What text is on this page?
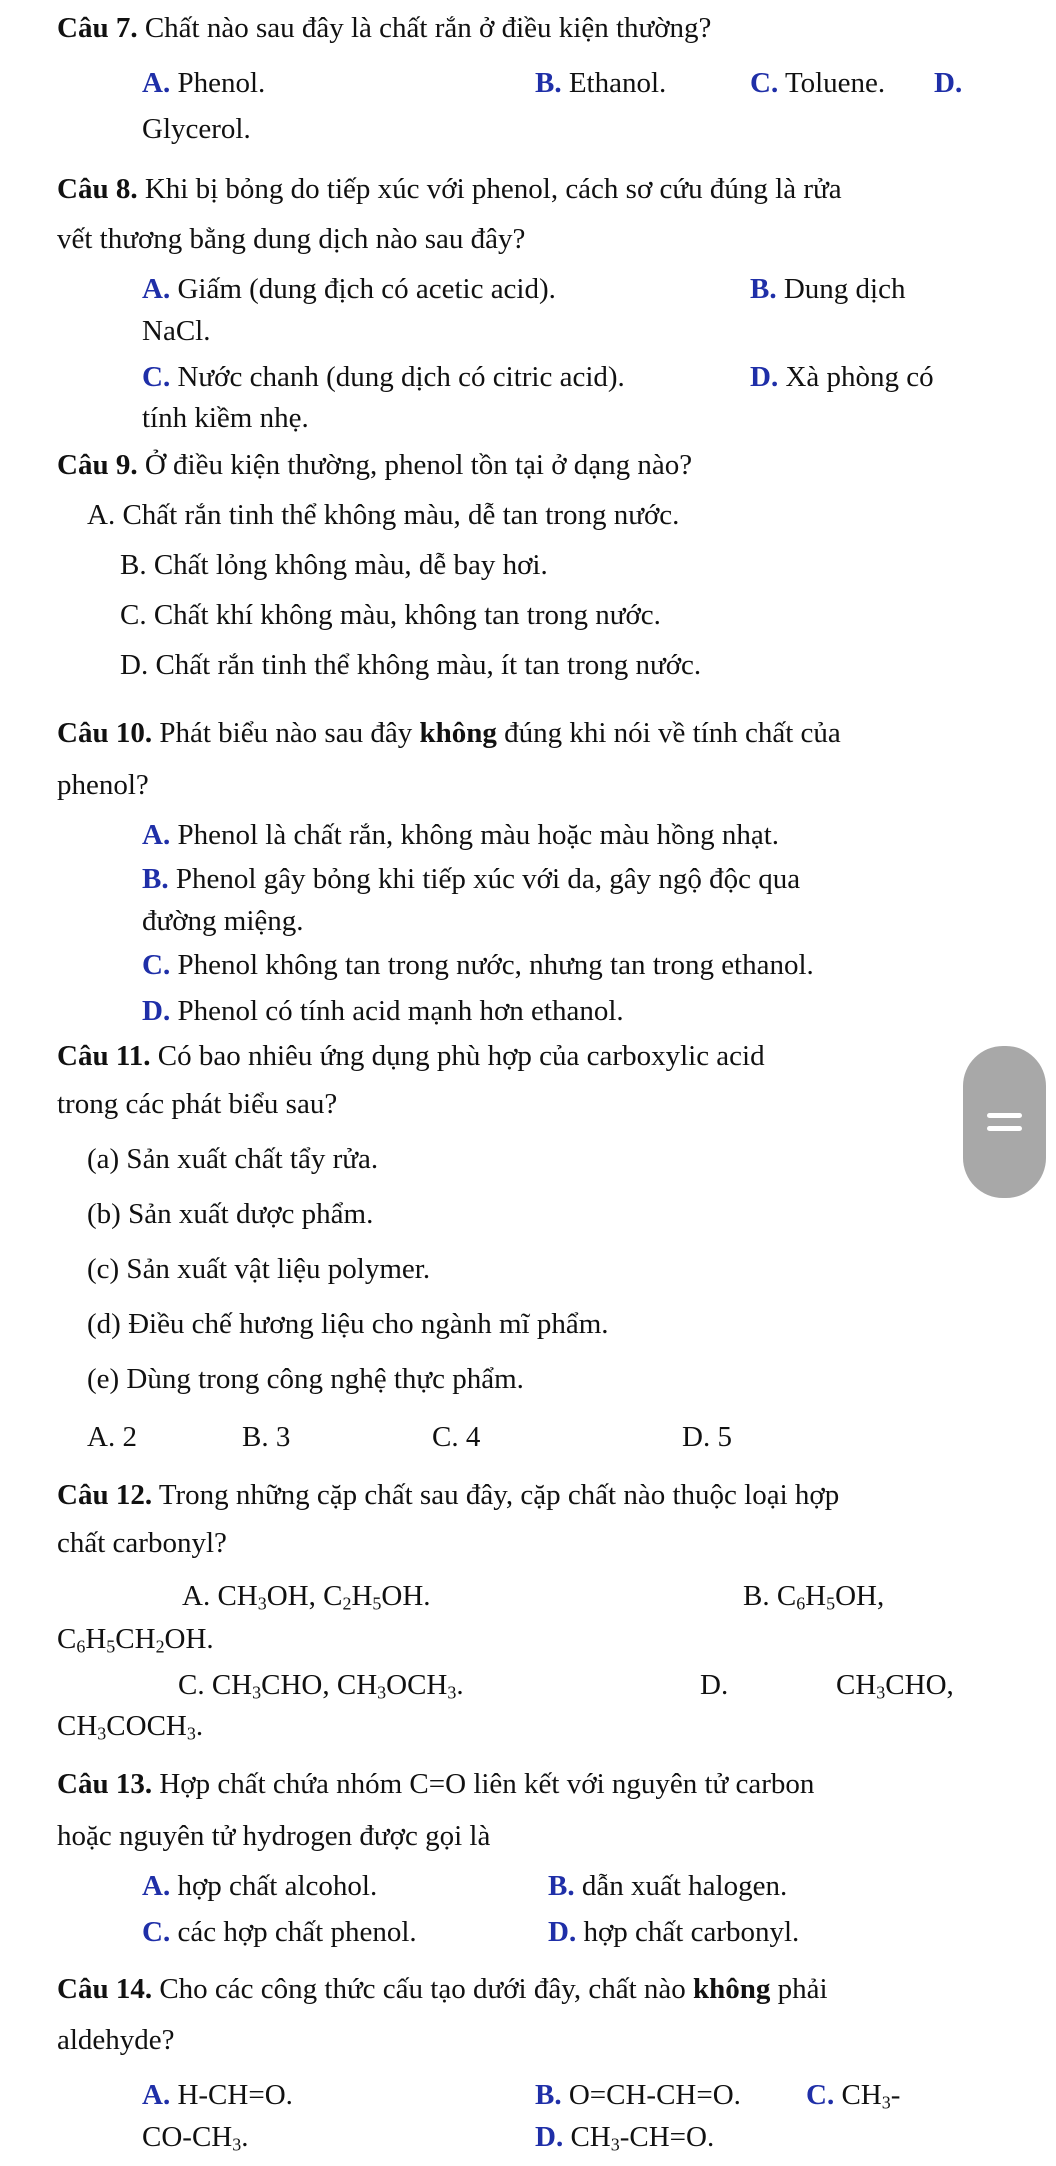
Câu 7. Chất nào sau đây là chất rắn ở điều kiện thường?
A. Phenol.	B. Ethanol.	C. Toluene. D.
Glycerol.
Câu 8. Khi bị bỏng do tiếp xúc với phenol, cách sơ cứu đúng là rửa
vết thương bằng dung dịch nào sau đây?
A. Giấm (dung địch có acetic acid).	B. Dung dịch
NaCl.
C. Nước chanh (dung dịch có citric acid).	D. Xà phòng có
tính kiềm nhẹ.
Câu 9. Ở điều kiện thường, phenol tồn tại ở dạng nào?
A. Chất rắn tinh thể không màu, dễ tan trong nước.
B. Chất lỏng không màu, dễ bay hơi.
C. Chất khí không màu, không tan trong nước.
D. Chất rắn tinh thể không màu, ít tan trong nước.
Câu 10. Phát biểu nào sau đây không đúng khi nói về tính chất của
phenol?
A. Phenol là chất rắn, không màu hoặc màu hồng nhạt.
B. Phenol gây bỏng khi tiếp xúc với da, gây ngộ độc qua
đường miệng.
C. Phenol không tan trong nước, nhưng tan trong ethanol.
D. Phenol có tính acid mạnh hơn ethanol.
Câu 11. Có bao nhiêu ứng dụng phù hợp của carboxylic acid
trong các phát biểu sau?
(a) Sản xuất chất tẩy rửa.
(b) Sản xuất dược phẩm.
(c) Sản xuất vật liệu polymer.
(d) Điều chế hương liệu cho ngành mĩ phẩm.
(e) Dùng trong công nghệ thực phẩm.
A. 2	B. 3	C. 4	D. 5
Câu 12. Trong những cặp chất sau đây, cặp chất nào thuộc loại hợp
chất carbonyl?
A. $CH_3OH$, $C_2H_5OH$.	B. $C_6H_5OH$,
$C_6H_5CH_2OH$.
C. $CH_3CHO$, $CH_3OCH_3$.	D.	$CH_3CHO$,
$CH_3COCH_3$.
Câu 13. Hợp chất chứa nhóm C=O liên kết với nguyên tử carbon
hoặc nguyên tử hydrogen được gọi là
A. hợp chất alcohol.	B. dẫn xuất halogen.
C. các hợp chất phenol.	D. hợp chất carbonyl.
Câu 14. Cho các công thức cấu tạo dưới đây, chất nào không phải
aldehyde?
A. H-CH=O.	B. O=CH-CH=O. C. $CH_3-$
$CO-CH_3$.	D. $CH_3-CH=O$.
